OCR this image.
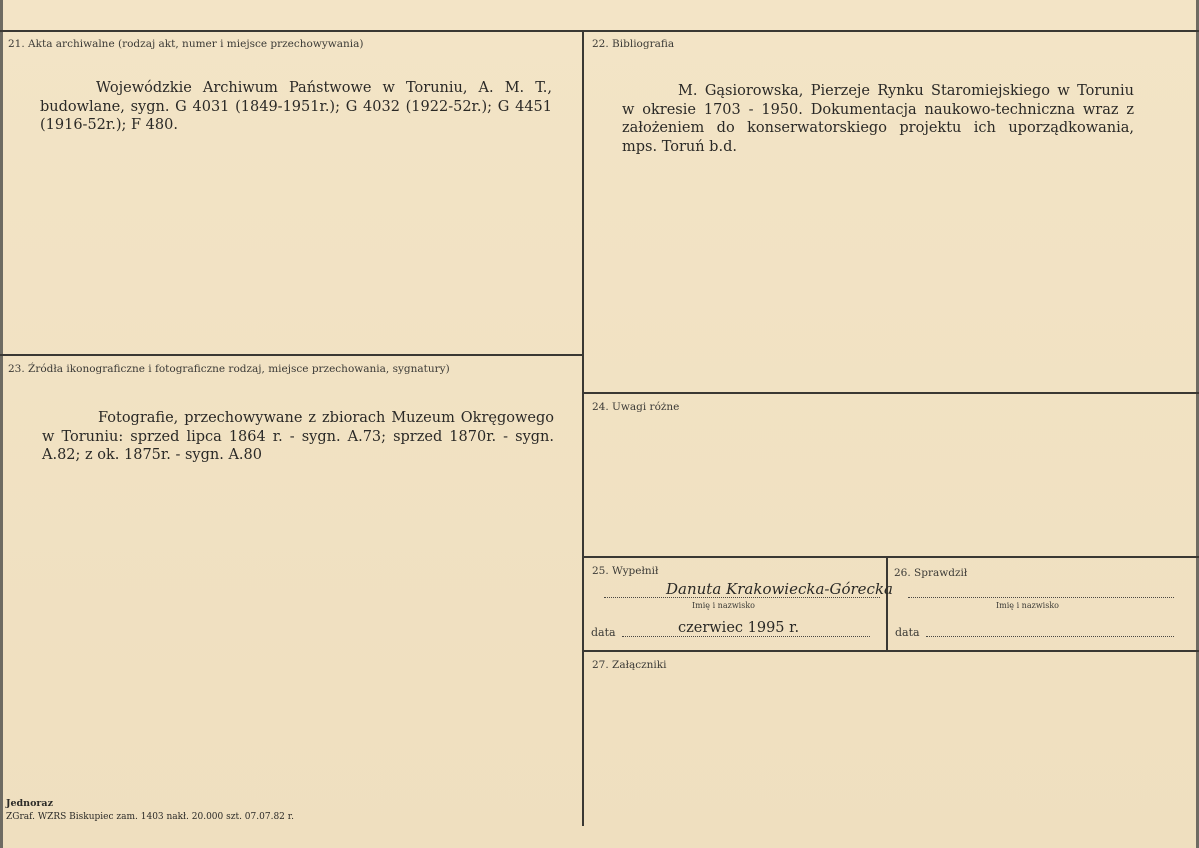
21. Akta archiwalne (rodzaj akt, numer i miejsce przechowywania)

Wojewódzkie Archiwum Państwowe w Toruniu, A. M. T., budowlane, sygn. G 4031 (1849-1951r.); G 4032 (1922-52r.); G 4451 (1916-52r.); F 480.

22. Bibliografia

M. Gąsiorowska, Pierzeje Rynku Staromiejskiego w Toruniu w okresie 1703 - 1950. Dokumentacja naukowo-techniczna wraz z założeniem do konserwatorskiego projektu ich uporządkowania, mps. Toruń b.d.

23. Źródła ikonograficzne i fotograficzne rodzaj, miejsce przechowania, sygnatury)

Fotografie, przechowywane z zbiorach Muzeum Okręgowego w Toruniu: sprzed lipca 1864 r. - sygn. A.73; sprzed 1870r. - sygn. A.82; z ok. 1875r. - sygn. A.80

24. Uwagi różne
25. Wypełnił
Danuta Krakowiecka-Górecka
Imię i nazwisko
data	czerwiec 1995 r.
26. Sprawdził
Imię i nazwisko
data
27. Załączniki
Jednoraz
ZGraf. WZRS Biskupiec zam. 1403 nakł. 20.000 szt. 07.07.82 r.
